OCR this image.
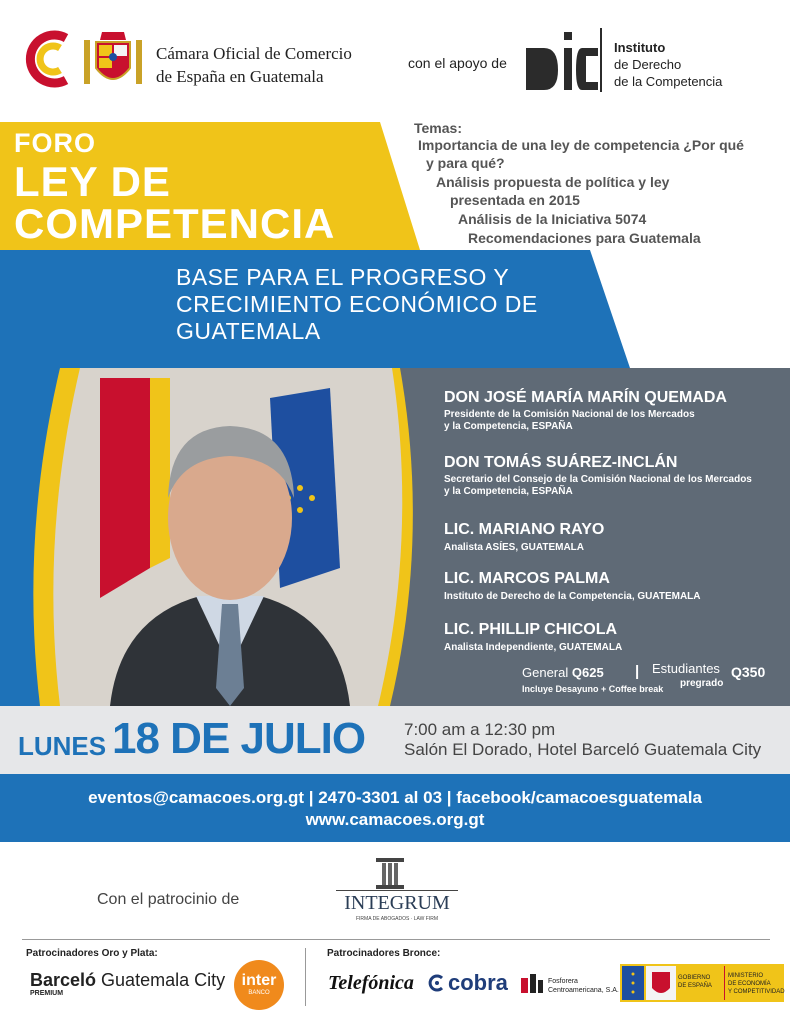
Cámara Oficial de Comercio
de España en Guatemala
con el apoyo de
Instituto
de Derecho
de la Competencia
FORO
LEY DE
COMPETENCIA
Temas:
Importancia de una ley de competencia ¿Por qué
y para qué?
Análisis propuesta de política y ley
presentada en 2015
Análisis de la Iniciativa 5074
Recomendaciones para Guatemala
BASE PARA EL PROGRESO Y
CRECIMIENTO ECONÓMICO DE
GUATEMALA
DON JOSÉ MARÍA MARÍN QUEMADA
Presidente de la Comisión Nacional de los Mercados
y la Competencia, ESPAÑA
DON TOMÁS SUÁREZ-INCLÁN
Secretario del Consejo de la Comisión Nacional de los Mercados
y la Competencia, ESPAÑA
LIC. MARIANO RAYO
Analista ASÍES, GUATEMALA
LIC. MARCOS PALMA
Instituto de Derecho de la Competencia, GUATEMALA
LIC. PHILLIP CHICOLA
Analista Independiente, GUATEMALA
General Q625 | Estudiantes Q350
Incluye Desayuno + Coffee break pregrado
LUNES 18 DE JULIO 7:00 am a 12:30 pm
Salón El Dorado, Hotel Barceló Guatemala City
eventos@camacoes.org.gt | 2470-3301 al 03 | facebook/camacoesguatemala
www.camacoes.org.gt
Con el patrocinio de	INTEGRUM
FIRMA DE ABOGADOS · LAW FIRM
Patrocinadores Oro y Plata:	Patrocinadores Bronce:
Barceló Guatemala City
PREMIUM
inter
BANCO	Telefónica cobra	Fosforera
Centroamericana, S.A.
GOBIERNO
DE ESPAÑA
MINISTERIO
DE ECONOMÍA
Y COMPETITIVIDAD
